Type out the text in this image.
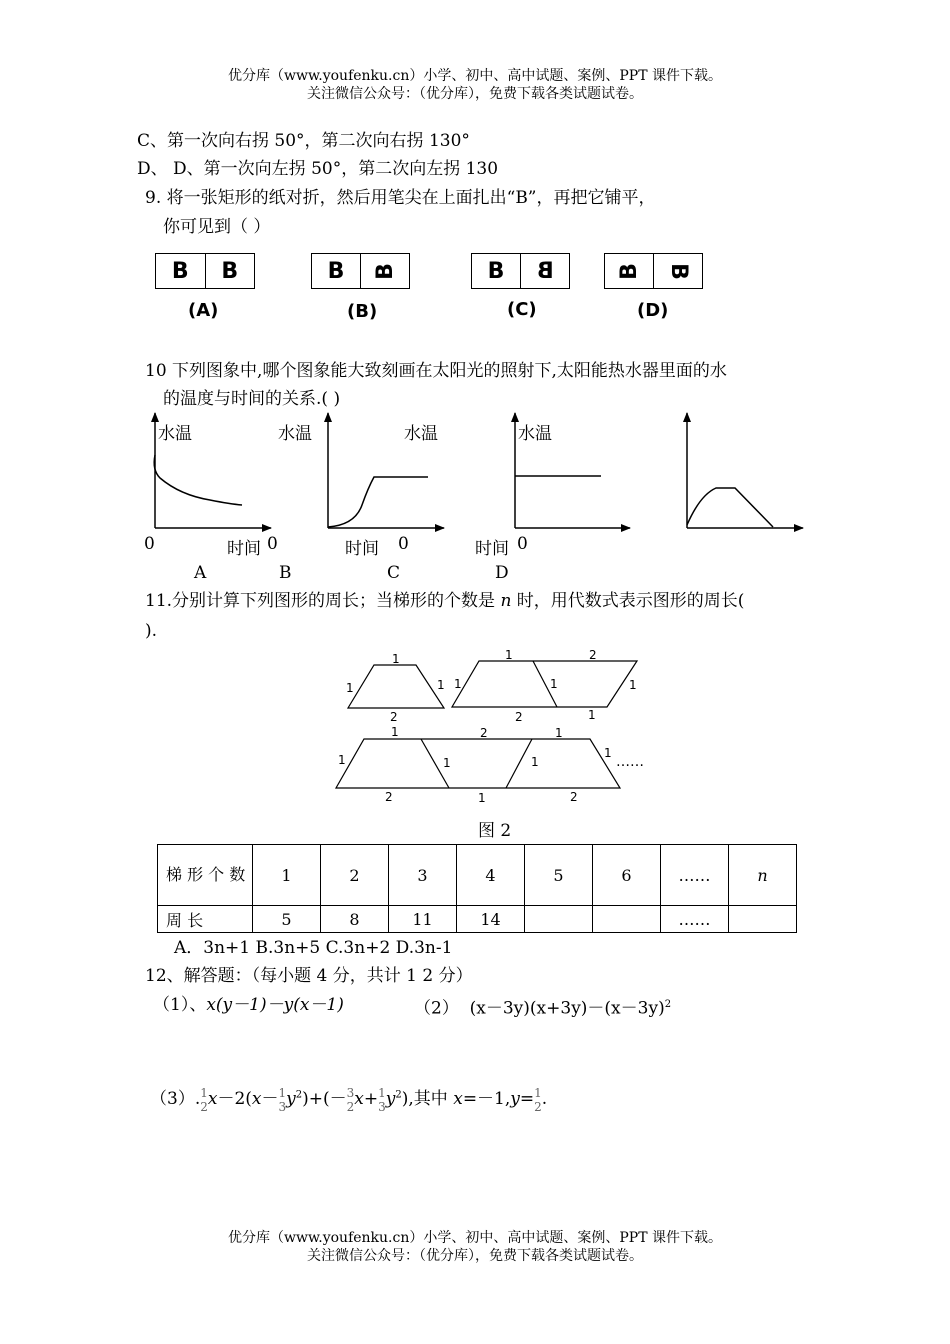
优分库（www.youfenku.cn）小学、初中、高中试题、案例、PPT 课件下载。
关注微信公众号：（优分库），免费下载各类试题试卷。
C、第一次向右拐 50°，第二次向右拐 130°
D、 D、第一次向左拐 50°，第二次向左拐 130
9. 将一张矩形的纸对折，然后用笔尖在上面扎出“B”，再把它铺平，
你可见到（ ）
B	B	B	B	B	B	B B
(A)	(B)	(C)	(D)
10 下列图象中,哪个图象能大致刻画在太阳光的照射下,太阳能热水器里面的水
的温度与时间的关系.( )
水温	水温	水温	水温
0	时间 0	时间 0	时间 0
A	B	C	D
11.分别计算下列图形的周长；当梯形的个数是 n 时，用代数式表示图形的周长(
).
1
1	1
2
1	2
1	1	1
2	1
1	2	1
1	1	1
1
2	1	2
……
图 2
梯 形 个 数	1	2	3	4	5	6	……	n
周 长	5	8	11	14			……	
A．3n+1 B.3n+5 C.3n+2 D.3n-1
12、解答题：（每小题 4 分，共计 1 2 分）
（1）、x(y－1)－y(x－1)	（2） $(x-3y)(x+3y)-(x-3y)^2$
（3）. 1
2 x－2(x－ 1
3 $y^2)+(- 3$
2 x+ 1
3 $y^2$),其中 x=－1,y= 1
2 .
优分库（www.youfenku.cn）小学、初中、高中试题、案例、PPT 课件下载。
关注微信公众号：（优分库），免费下载各类试题试卷。
